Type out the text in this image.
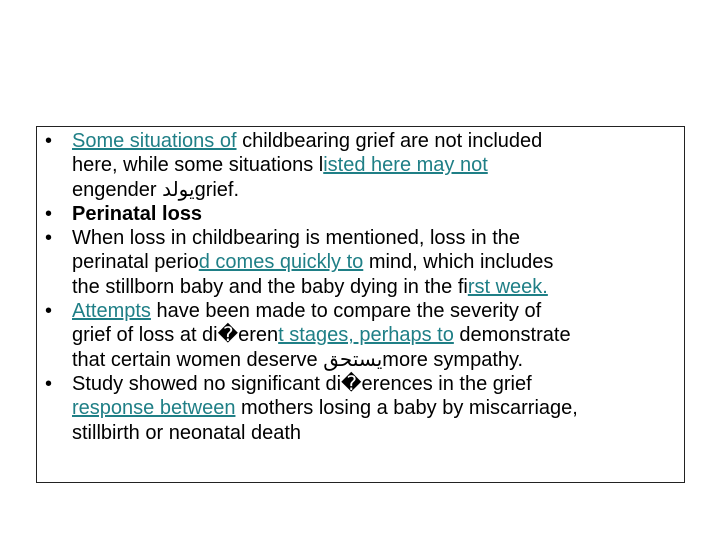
• Some situations of childbearing grief are not included
here, while some situations listed here may not
engender يولدgrief.
• Perinatal loss
• When loss in childbearing is mentioned, loss in the
perinatal period comes quickly to mind, which includes
the stillborn baby and the baby dying in the first week.
• Attempts have been made to compare the severity of
grief of loss at di�erent stages, perhaps to demonstrate
that certain women deserve يستحقmore sympathy.
• Study showed no significant di�erences in the grief
response between mothers losing a baby by miscarriage,
stillbirth or neonatal death
